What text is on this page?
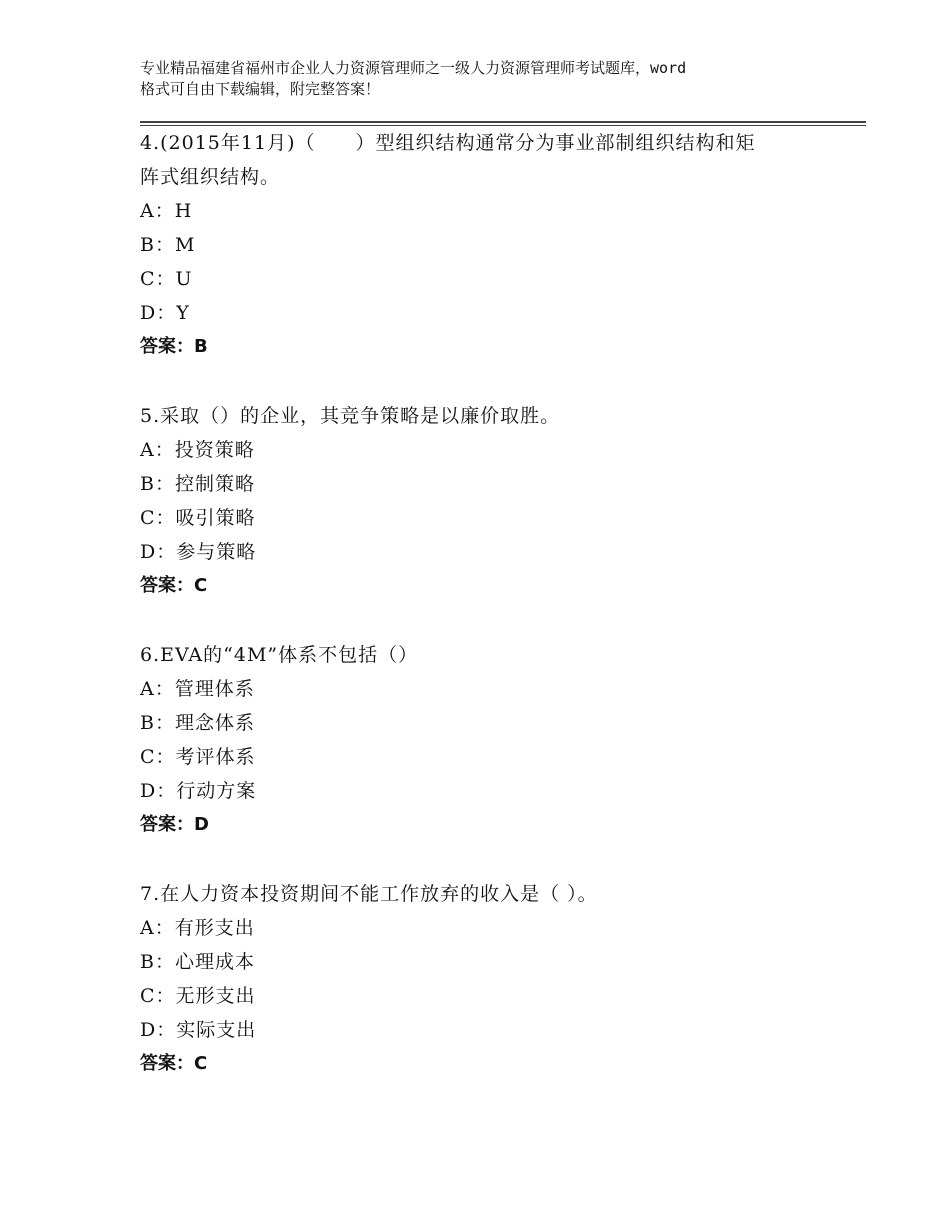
专业精品福建省福州市企业人力资源管理师之一级人力资源管理师考试题库，word

格式可自由下载编辑，附完整答案！

4.(2015年11月)（　　）型组织结构通常分为事业部制组织结构和矩

阵式组织结构。

A：H

B：M

C：U

D：Y

答案：B

5.采取（）的企业，其竞争策略是以廉价取胜。

A：投资策略

B：控制策略

C：吸引策略

D：参与策略

答案：C

6.EVA的“4M”体系不包括（）

A：管理体系

B：理念体系

C：考评体系

D：行动方案

答案：D

7.在人力资本投资期间不能工作放弃的收入是（ ）。

A：有形支出

B：心理成本

C：无形支出

D：实际支出

答案：C
